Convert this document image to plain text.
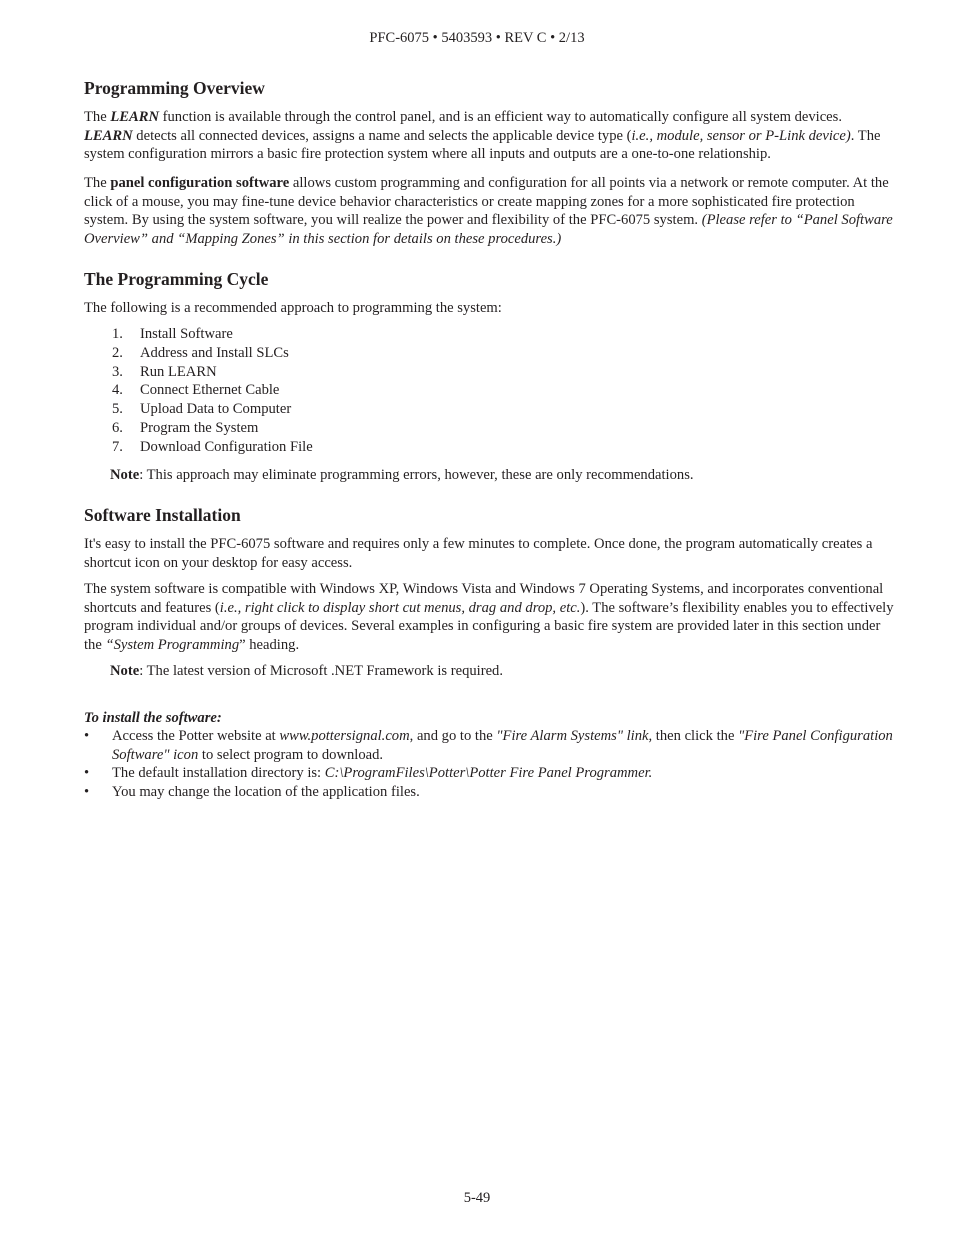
PFC-6075 • 5403593 • REV C • 2/13
Programming Overview

The LEARN function is available through the control panel, and is an efficient way to automatically configure all system devices.
LEARN detects all connected devices, assigns a name and selects the applicable device type (i.e., module, sensor or P-Link device). The system configuration mirrors a basic fire protection system where all inputs and outputs are a one-to-one relationship.

The panel configuration software allows custom programming and configuration for all points via a network or remote computer. At the click of a mouse, you may fine-tune device behavior characteristics or create mapping zones for a more sophisticated fire protection system. By using the system software, you will realize the power and flexibility of the PFC-6075 system. (Please refer to “Panel Software Overview” and “Mapping Zones” in this section for details on these procedures.)

The Programming Cycle

The following is a recommended approach to programming the system:

1. Install Software
2. Address and Install SLCs
3. Run LEARN
4. Connect Ethernet Cable
5. Upload Data to Computer
6. Program the System
7. Download Configuration File

Note: This approach may eliminate programming errors, however, these are only recommendations.

Software Installation

It's easy to install the PFC-6075 software and requires only a few minutes to complete. Once done, the program automatically creates a shortcut icon on your desktop for easy access.

The system software is compatible with Windows XP, Windows Vista and Windows 7 Operating Systems, and incorporates conventional shortcuts and features (i.e., right click to display short cut menus, drag and drop, etc.). The software’s flexibility enables you to effectively program individual and/or groups of devices. Several examples in configuring a basic fire system are provided later in this section under the “System Programming” heading.

Note: The latest version of Microsoft .NET Framework is required.

To install the software:

• Access the Potter website at www.pottersignal.com, and go to the "Fire Alarm Systems" link, then click the "Fire Panel Configuration Software" icon to select program to download.
• The default installation directory is: C:\ProgramFiles\Potter\Potter Fire Panel Programmer.
• You may change the location of the application files.
5-49
